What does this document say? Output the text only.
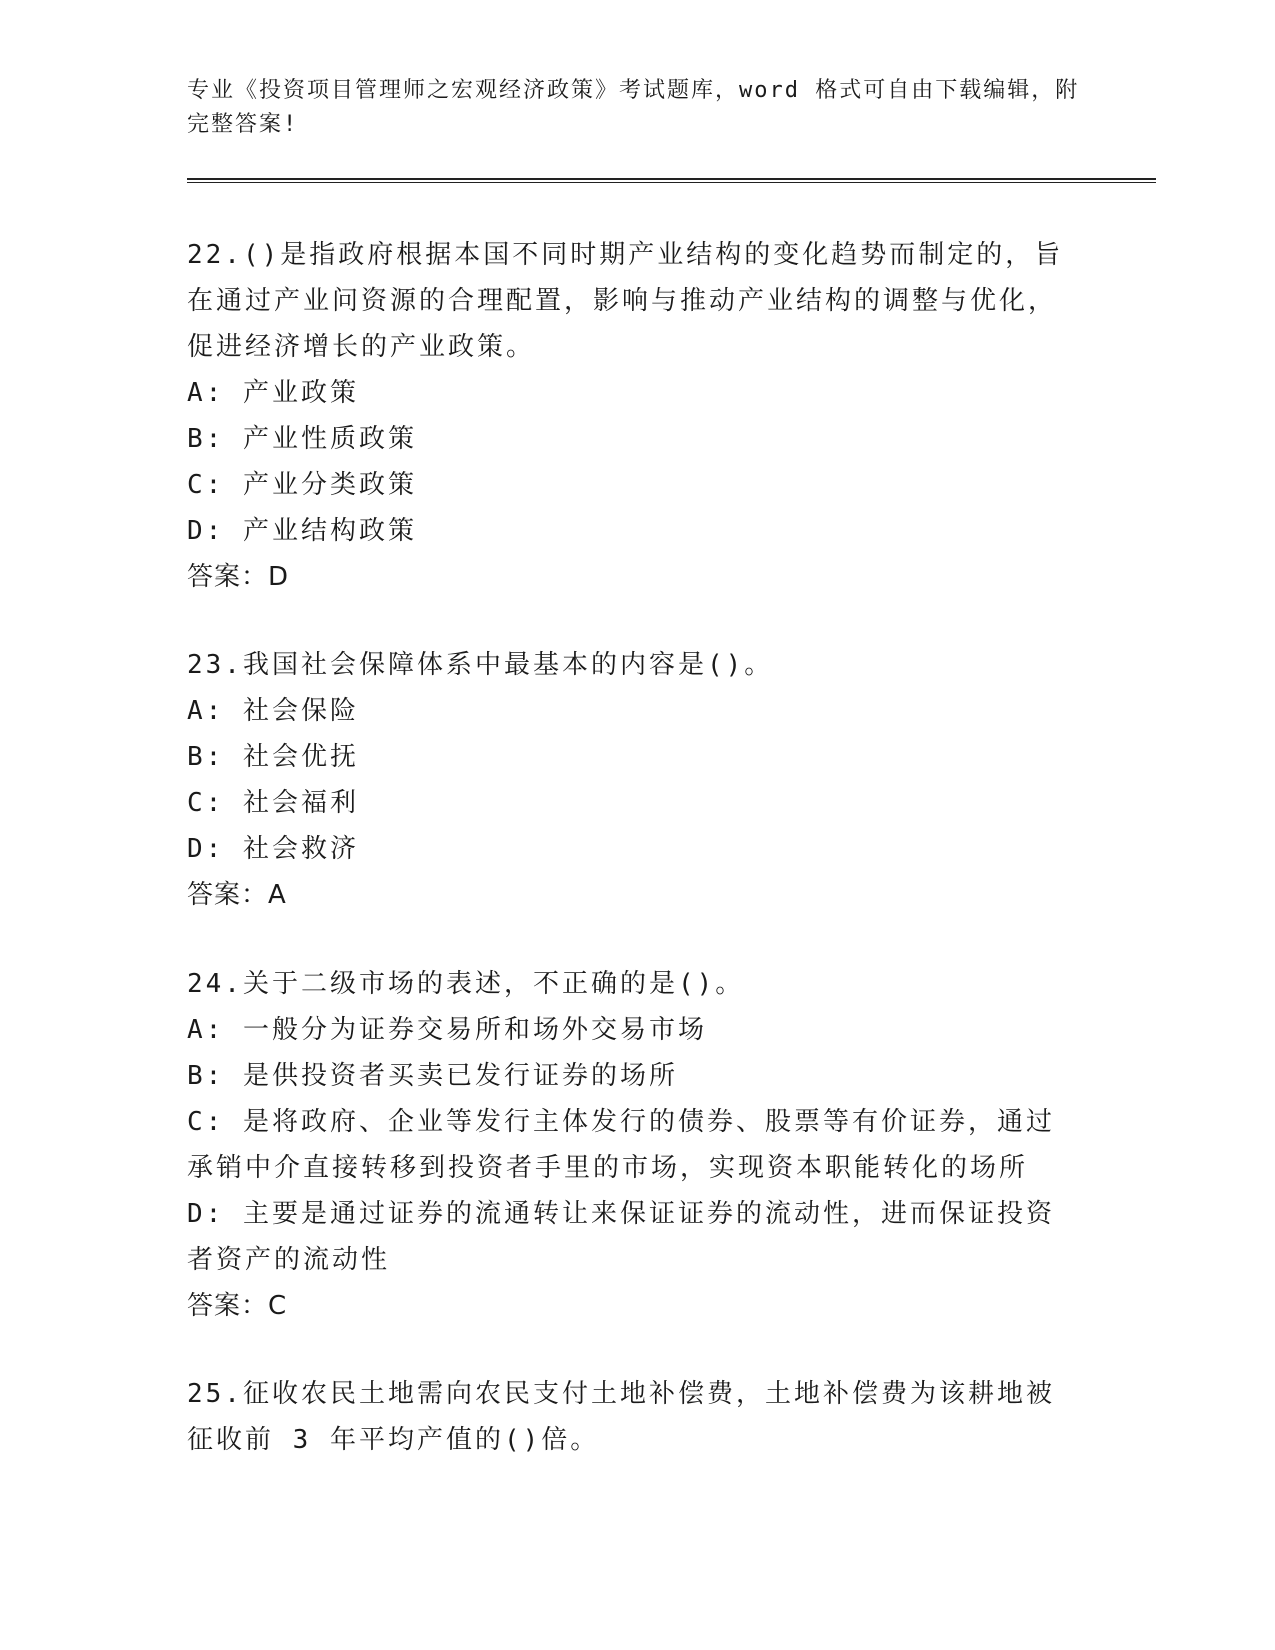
专业《投资项目管理师之宏观经济政策》考试题库，word 格式可自由下载编辑，附完整答案!

22.()是指政府根据本国不同时期产业结构的变化趋势而制定的，旨在通过产业问资源的合理配置，影响与推动产业结构的调整与优化，促进经济增长的产业政策。

A: 产业政策

B: 产业性质政策

C: 产业分类政策

D: 产业结构政策

答案：D

23.我国社会保障体系中最基本的内容是()。

A: 社会保险

B: 社会优抚

C: 社会福利

D: 社会救济

答案：A

24.关于二级市场的表述，不正确的是()。

A: 一般分为证券交易所和场外交易市场

B: 是供投资者买卖已发行证券的场所

C: 是将政府、企业等发行主体发行的债券、股票等有价证券，通过承销中介直接转移到投资者手里的市场，实现资本职能转化的场所

D: 主要是通过证券的流通转让来保证证券的流动性，进而保证投资者资产的流动性

答案：C

25.征收农民土地需向农民支付土地补偿费，土地补偿费为该耕地被征收前 3 年平均产值的()倍。
